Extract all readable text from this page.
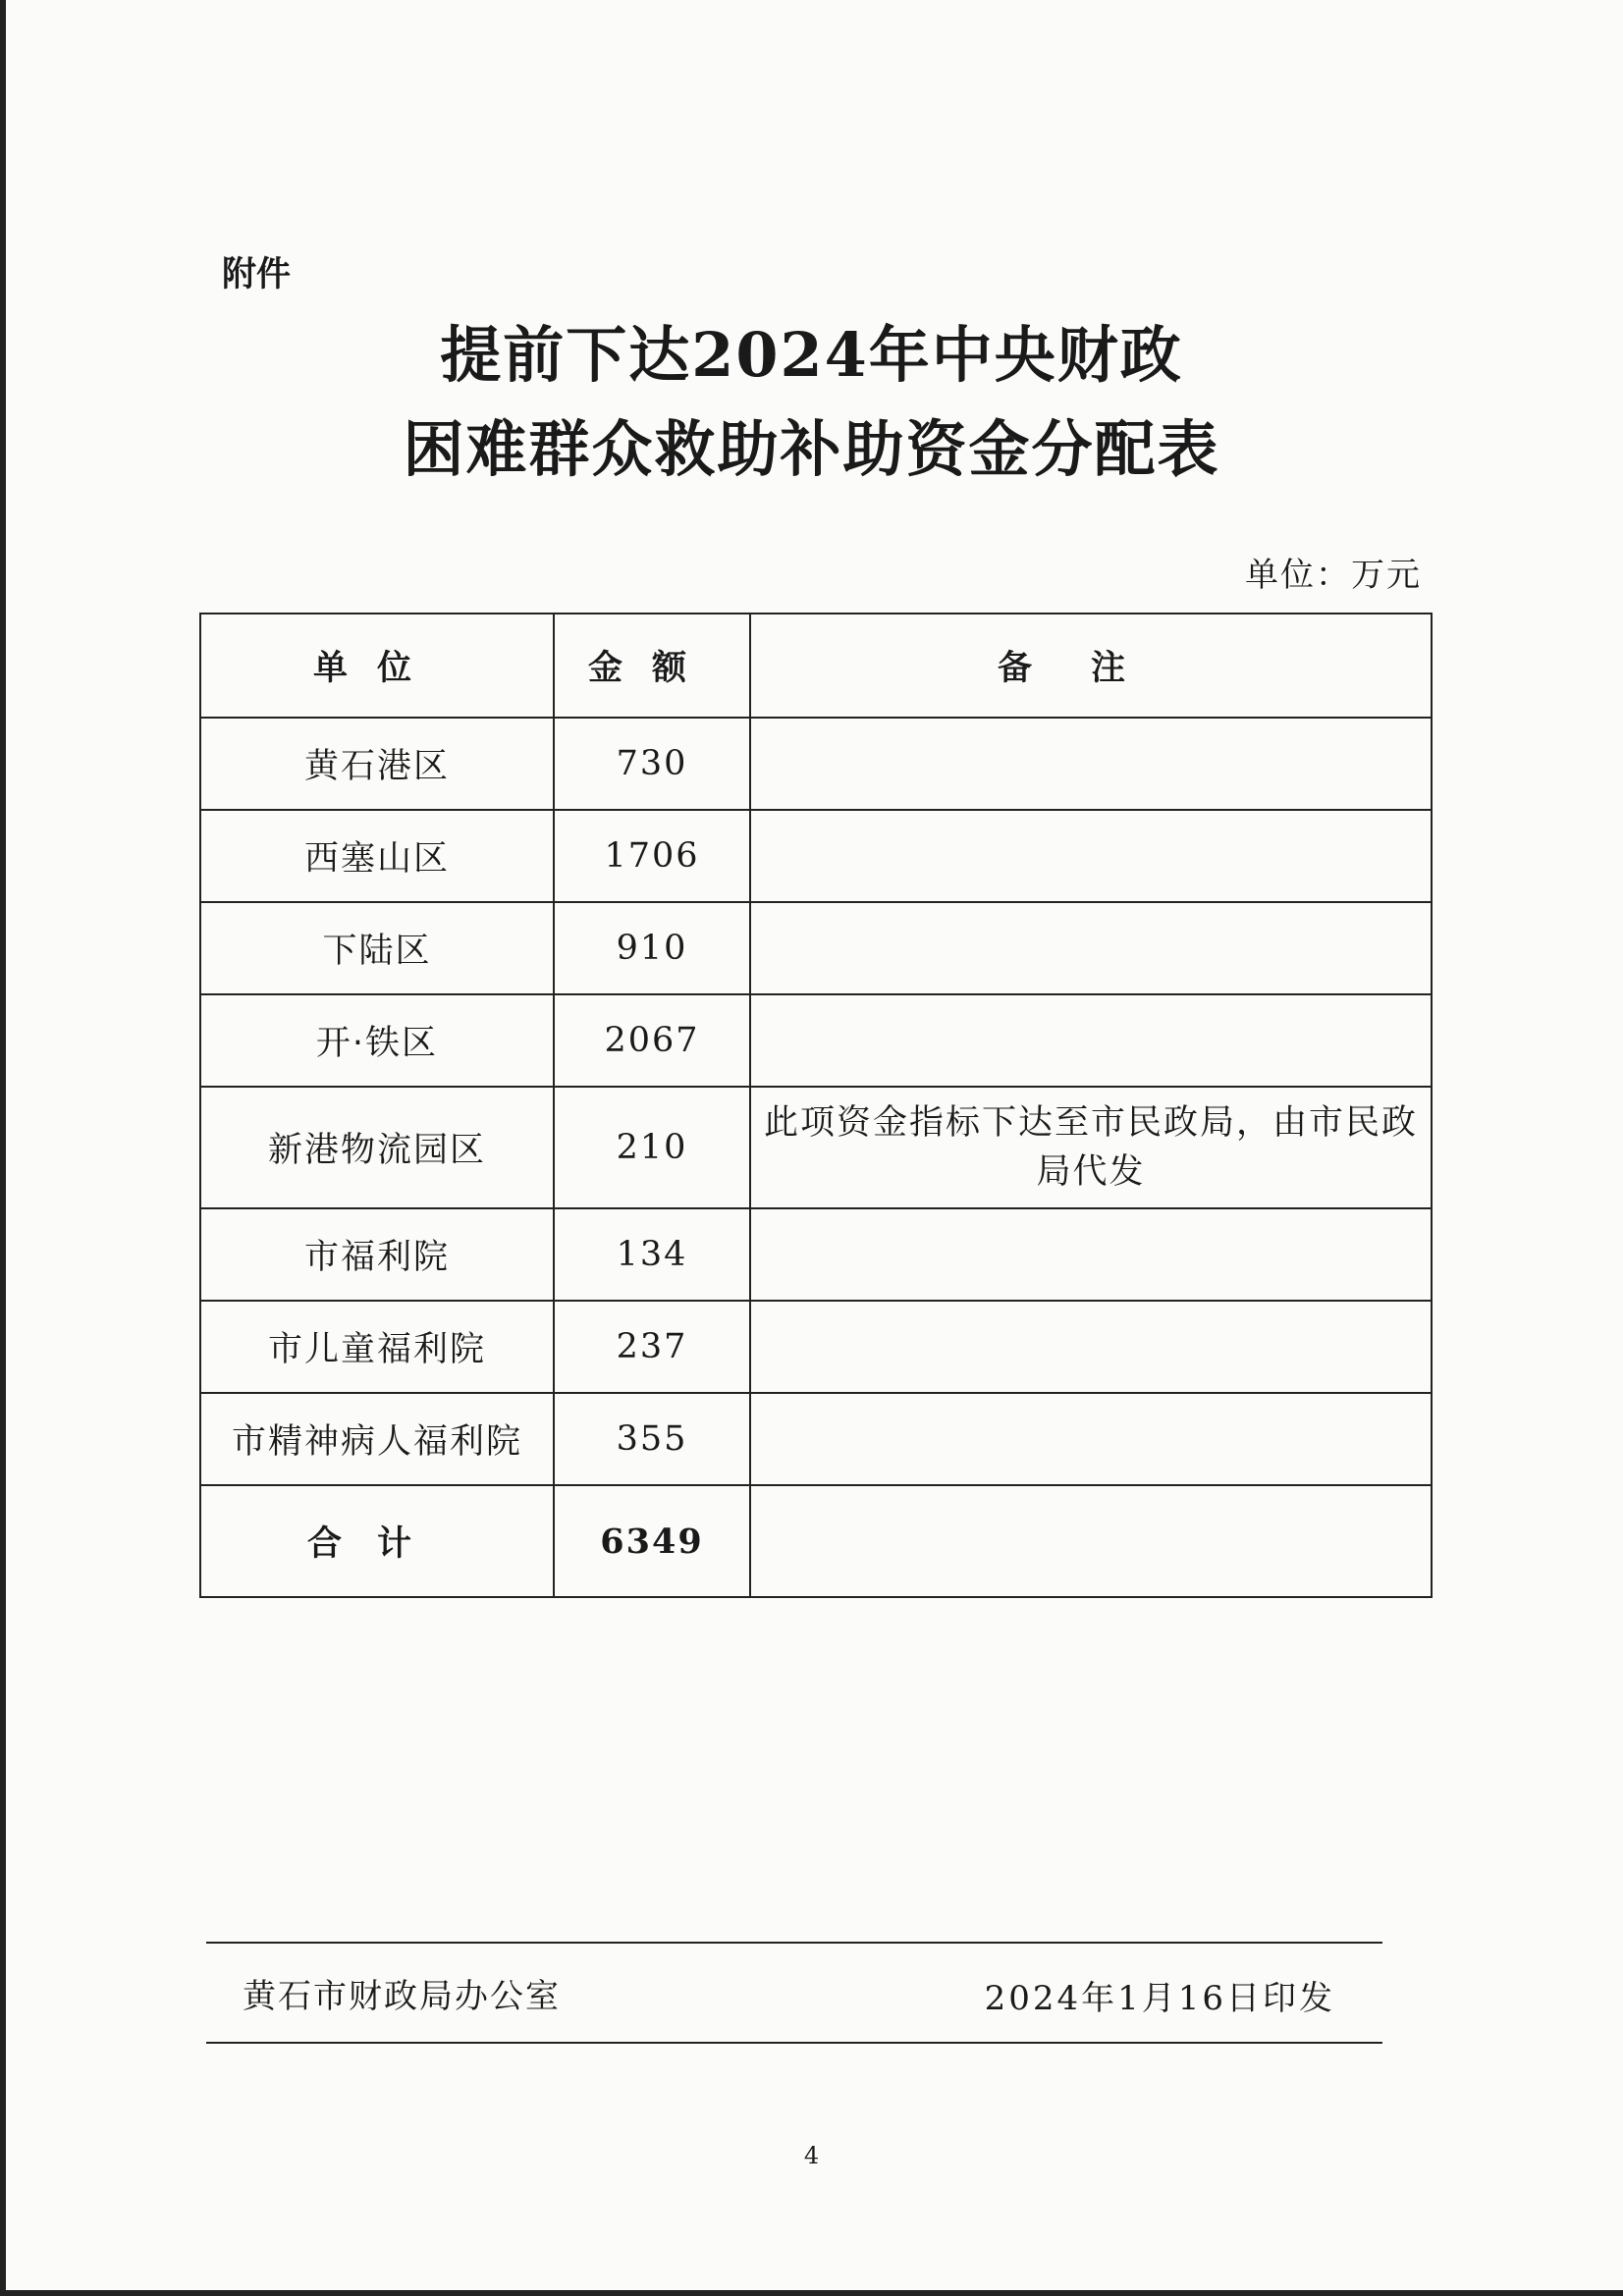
附件
提前下达2024年中央财政
困难群众救助补助资金分配表
单位：万元
单位	金额	备注
黄石港区	730	
西塞山区	1706	
下陆区	910	
开·铁区	2067	
新港物流园区	210	此项资金指标下达至市民政局，由市民政局代发
市福利院	134	
市儿童福利院	237	
市精神病人福利院	355	
合计	6349	
黄石市财政局办公室	2024年1月16日印发
4
